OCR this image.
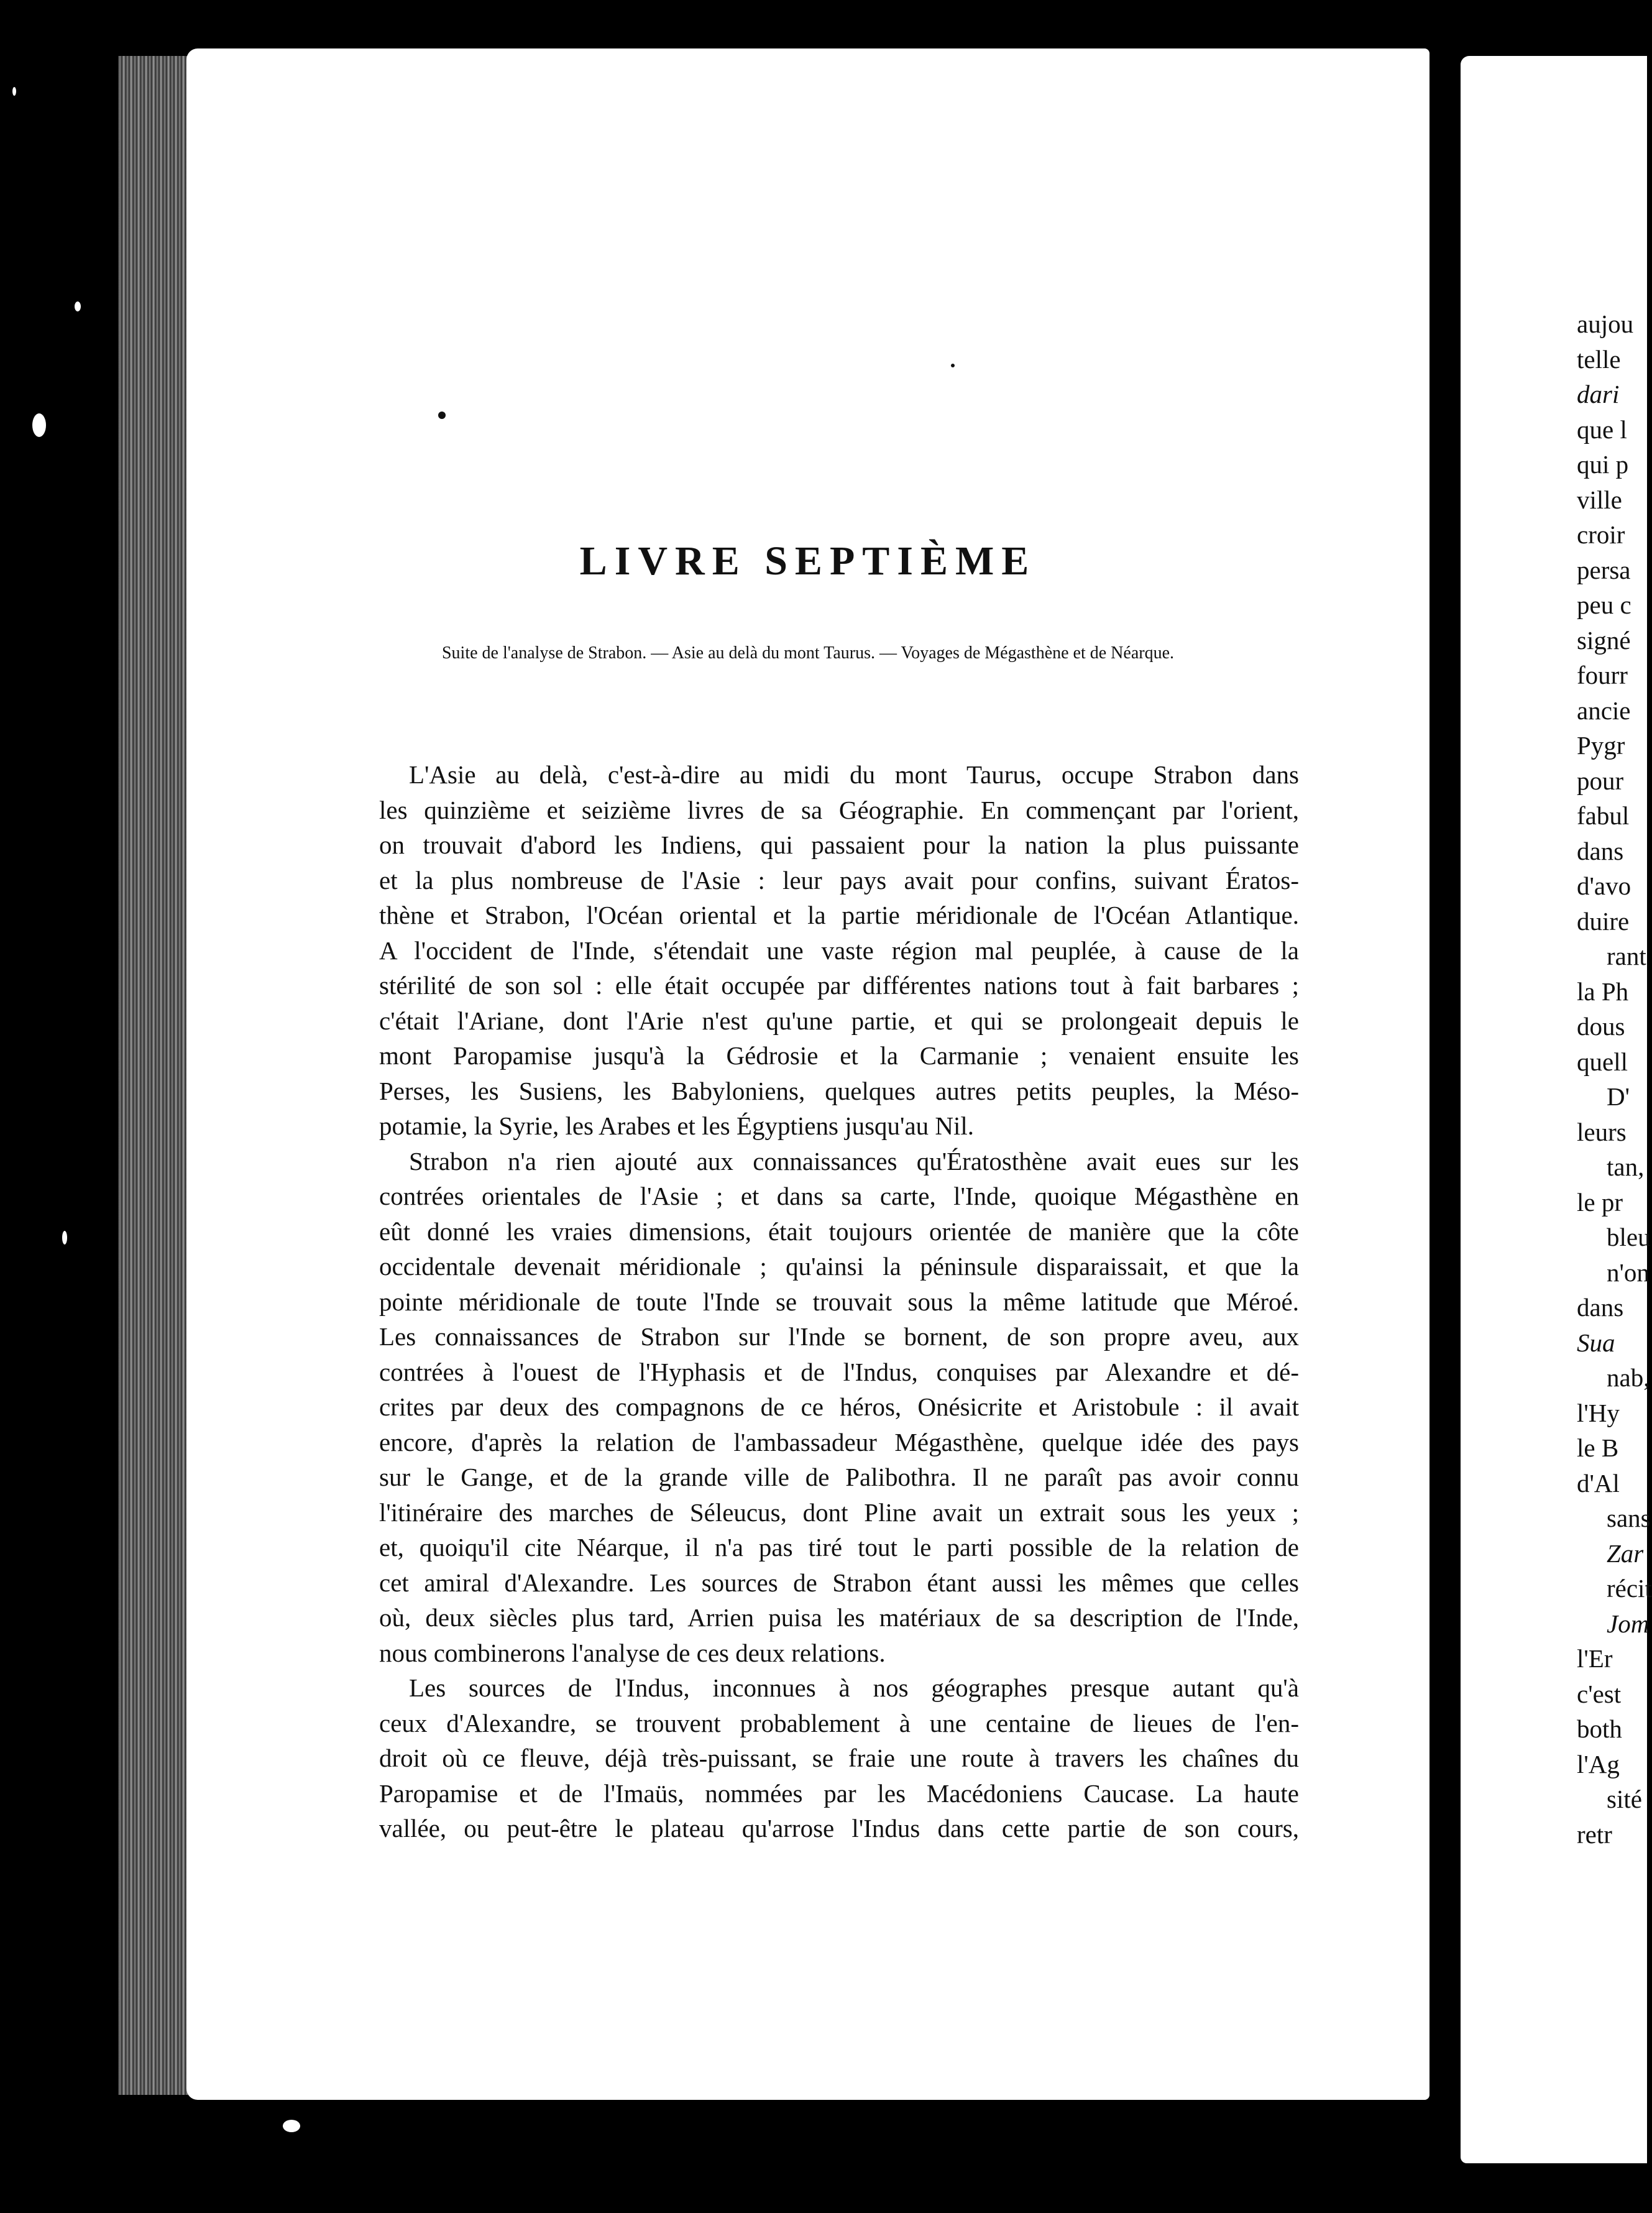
LIVRE SEPTIÈME

Suite de l'analyse de Strabon. — Asie au delà du mont Taurus. — Voyages de Mégasthène et de Néarque.

L'Asie au delà, c'est-à-dire au midi du mont Taurus, occupe Strabon dans
les quinzième et seizième livres de sa Géographie. En commençant par l'orient,
on trouvait d'abord les Indiens, qui passaient pour la nation la plus puissante
et la plus nombreuse de l'Asie : leur pays avait pour confins, suivant Ératos-
thène et Strabon, l'Océan oriental et la partie méridionale de l'Océan Atlantique.
A l'occident de l'Inde, s'étendait une vaste région mal peuplée, à cause de la
stérilité de son sol : elle était occupée par différentes nations tout à fait barbares ;
c'était l'Ariane, dont l'Arie n'est qu'une partie, et qui se prolongeait depuis le
mont Paropamise jusqu'à la Gédrosie et la Carmanie ; venaient ensuite les
Perses, les Susiens, les Babyloniens, quelques autres petits peuples, la Méso-
potamie, la Syrie, les Arabes et les Égyptiens jusqu'au Nil.
Strabon n'a rien ajouté aux connaissances qu'Ératosthène avait eues sur les
contrées orientales de l'Asie ; et dans sa carte, l'Inde, quoique Mégasthène en
eût donné les vraies dimensions, était toujours orientée de manière que la côte
occidentale devenait méridionale ; qu'ainsi la péninsule disparaissait, et que la
pointe méridionale de toute l'Inde se trouvait sous la même latitude que Méroé.
Les connaissances de Strabon sur l'Inde se bornent, de son propre aveu, aux
contrées à l'ouest de l'Hyphasis et de l'Indus, conquises par Alexandre et dé-
crites par deux des compagnons de ce héros, Onésicrite et Aristobule : il avait
encore, d'après la relation de l'ambassadeur Mégasthène, quelque idée des pays
sur le Gange, et de la grande ville de Palibothra. Il ne paraît pas avoir connu
l'itinéraire des marches de Séleucus, dont Pline avait un extrait sous les yeux ;
et, quoiqu'il cite Néarque, il n'a pas tiré tout le parti possible de la relation de
cet amiral d'Alexandre. Les sources de Strabon étant aussi les mêmes que celles
où, deux siècles plus tard, Arrien puisa les matériaux de sa description de l'Inde,
nous combinerons l'analyse de ces deux relations.
Les sources de l'Indus, inconnues à nos géographes presque autant qu'à
ceux d'Alexandre, se trouvent probablement à une centaine de lieues de l'en-
droit où ce fleuve, déjà très-puissant, se fraie une route à travers les chaînes du
Paropamise et de l'Imaüs, nommées par les Macédoniens Caucase. La haute
vallée, ou peut-être le plateau qu'arrose l'Indus dans cette partie de son cours,
aujou
telle
dari
que l
qui p
ville
croir
persa
peu c
signé
fourr
ancie
Pygr
pour
fabul
dans
d'avo
duire
rant
la Ph
dous
quell
D'
leurs
tan,
le pr
bleu
n'on
dans
Sua
nab,
l'Hy
le B
d'Al
sans
Zar
récit
Jom
l'Er
c'est
both
l'Ag
sité
retr
